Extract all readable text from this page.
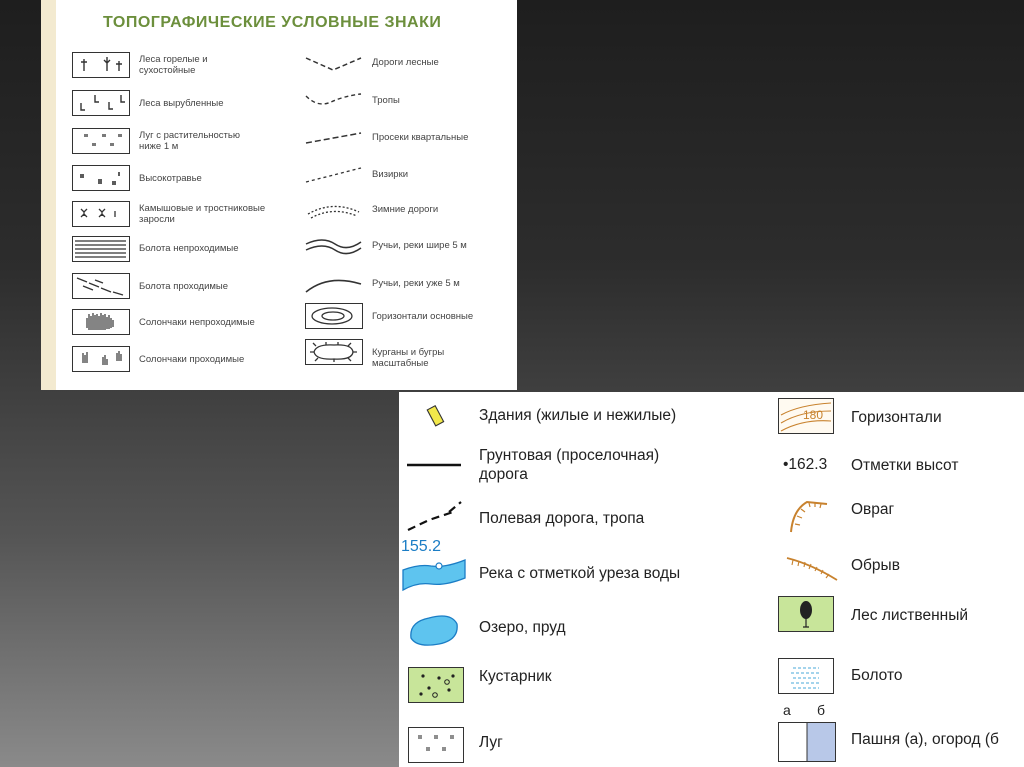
ТОПОГРАФИЧЕСКИЕ УСЛОВНЫЕ ЗНАКИ
Леса горелые и
сухостойные
Леса вырубленные
Луг с растительностью
ниже 1 м
Высокотравье
Камышовые и тростниковые
заросли
Болота непроходимые
Болота проходимые
Солончаки непроходимые
Солончаки проходимые
Дороги лесные
Тропы
Просеки квартальные
Визирки
Зимние дороги
Ручьи, реки шире 5 м
Ручьи, реки уже 5 м
Горизонтали основные
Курганы и бугры
масштабные
Здания (жилые и нежилые)
Грунтовая (проселочная)
дорога
Полевая дорога, тропа
155.2
Река с отметкой уреза воды
Озеро, пруд
Кустарник
Луг
180 Горизонтали
•162.3 Отметки высот
Овраг
Обрыв
Лес лиственный
Болото
а б
Пашня (а), огород (б
